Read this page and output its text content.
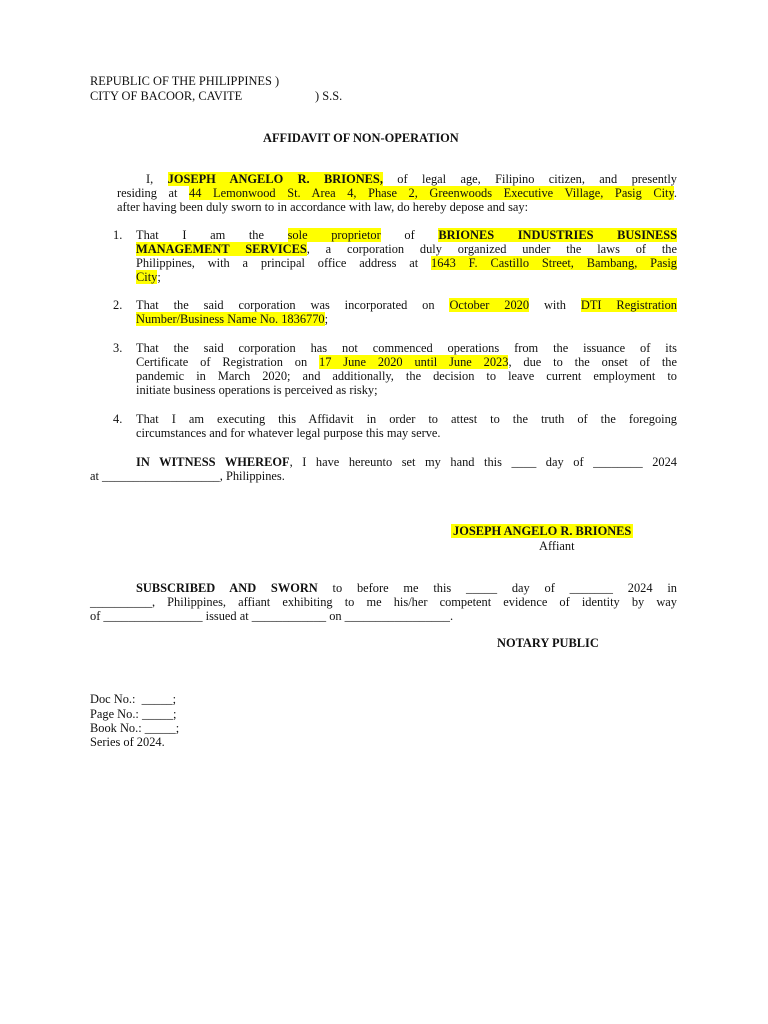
REPUBLIC OF THE PHILIPPINES )
CITY OF BACOOR, CAVITE	) S.S.
AFFIDAVIT OF NON-OPERATION
I, JOSEPH ANGELO R. BRIONES, of legal age, Filipino citizen, and presently
residing at 44 Lemonwood St. Area 4, Phase 2, Greenwoods Executive Village, Pasig City.
after having been duly sworn to in accordance with law, do hereby depose and say:
1. That I am the sole proprietor of BRIONES INDUSTRIES BUSINESS
MANAGEMENT SERVICES, a corporation duly organized under the laws of the
Philippines, with a principal office address at 1643 F. Castillo Street, Bambang, Pasig
City;
2. That the said corporation was incorporated on October 2020 with DTI Registration
Number/Business Name No. 1836770;
3. That the said corporation has not commenced operations from the issuance of its
Certificate of Registration on 17 June 2020 until June 2023, due to the onset of the
pandemic in March 2020; and additionally, the decision to leave current employment to
initiate business operations is perceived as risky;
4. That I am executing this Affidavit in order to attest to the truth of the foregoing
circumstances and for whatever legal purpose this may serve.
IN WITNESS WHEREOF, I have hereunto set my hand this ____ day of ________ 2024
at ___________________, Philippines.
JOSEPH ANGELO R. BRIONES
Affiant
SUBSCRIBED AND SWORN to before me this _____ day of _______ 2024 in
__________, Philippines, affiant exhibiting to me his/her competent evidence of identity by way
of ________________ issued at ____________ on _________________.
NOTARY PUBLIC
Doc No.:  _____;
Page No.: _____;
Book No.: _____;
Series of 2024.
